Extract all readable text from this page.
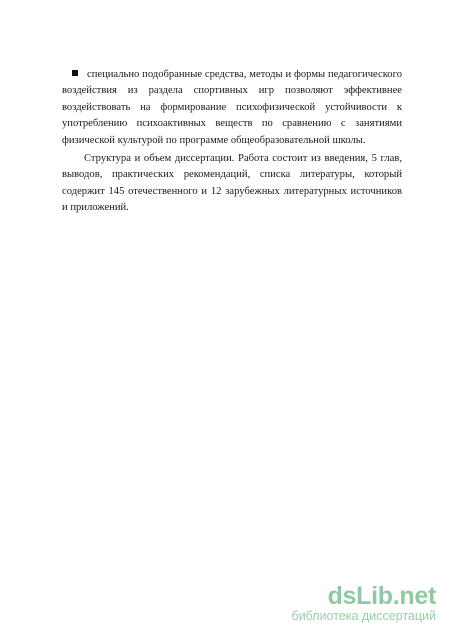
специально подобранные средства, методы и формы педагогического воздействия из раздела спортивных игр позволяют эффективнее воздействовать на формирование психофизической устойчивости к употреблению психоактивных веществ по сравнению с занятиями физической культурой по программе общеобразовательной школы.

Структура и объем диссертации. Работа состоит из введения, 5 глав, выводов, практических рекомендаций, списка литературы, который содержит 145 отечественного и 12 зарубежных литературных источников и приложений.

dsLib.net
библиотека диссертаций
